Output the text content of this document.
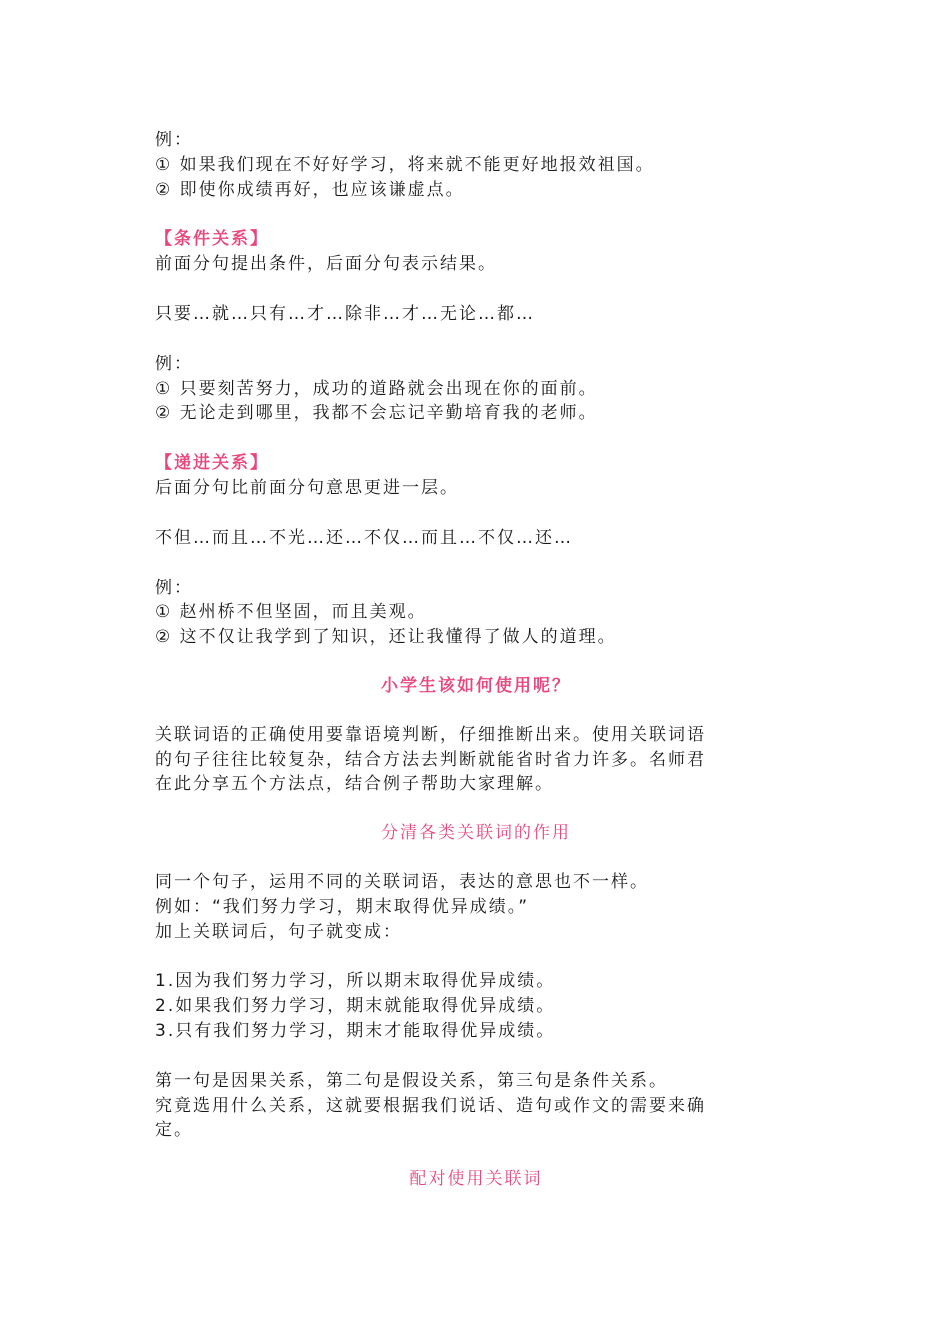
例：
① 如果我们现在不好好学习，将来就不能更好地报效祖国。
② 即使你成绩再好，也应该谦虚点。
【条件关系】
前面分句提出条件，后面分句表示结果。
只要…就…只有…才…除非…才…无论…都…
例：
① 只要刻苦努力，成功的道路就会出现在你的面前。
② 无论走到哪里，我都不会忘记辛勤培育我的老师。
【递进关系】
后面分句比前面分句意思更进一层。
不但…而且…不光…还…不仅…而且…不仅…还…
例：
① 赵州桥不但坚固，而且美观。
② 这不仅让我学到了知识，还让我懂得了做人的道理。
小学生该如何使用呢？
关联词语的正确使用要靠语境判断，仔细推断出来。使用关联词语
的句子往往比较复杂，结合方法去判断就能省时省力许多。名师君
在此分享五个方法点，结合例子帮助大家理解。
分清各类关联词的作用
同一个句子，运用不同的关联词语，表达的意思也不一样。
例如：“我们努力学习，期末取得优异成绩。”
加上关联词后，句子就变成：
1.因为我们努力学习，所以期末取得优异成绩。
2.如果我们努力学习，期末就能取得优异成绩。
3.只有我们努力学习，期末才能取得优异成绩。
第一句是因果关系，第二句是假设关系，第三句是条件关系。
究竟选用什么关系，这就要根据我们说话、造句或作文的需要来确
定。
配对使用关联词
